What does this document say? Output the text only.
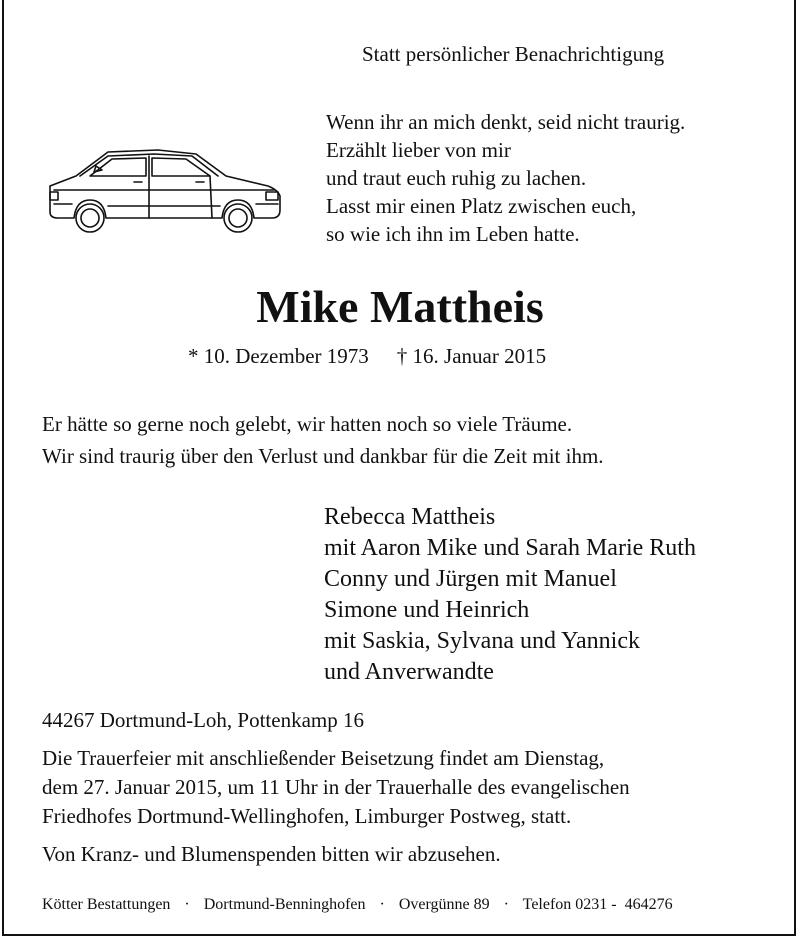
Statt persönlicher Benachrichtigung
Wenn ihr an mich denkt, seid nicht traurig.
Erzählt lieber von mir
und traut euch ruhig zu lachen.
Lasst mir einen Platz zwischen euch,
so wie ich ihn im Leben hatte.
Mike Mattheis
* 10. Dezember 1973 † 16. Januar 2015
Er hätte so gerne noch gelebt, wir hatten noch so viele Träume.
Wir sind traurig über den Verlust und dankbar für die Zeit mit ihm.
Rebecca Mattheis
mit Aaron Mike und Sarah Marie Ruth
Conny und Jürgen mit Manuel
Simone und Heinrich
mit Saskia, Sylvana und Yannick
und Anverwandte
44267 Dortmund-Loh, Pottenkamp 16
Die Trauerfeier mit anschließender Beisetzung findet am Dienstag,
dem 27. Januar 2015, um 11 Uhr in der Trauerhalle des evangelischen
Friedhofes Dortmund-Wellinghofen, Limburger Postweg, statt.
Von Kranz- und Blumenspenden bitten wir abzusehen.
Kötter Bestattungen · Dortmund-Benninghofen · Overgünne 89 · Telefon 0231 -  464276
